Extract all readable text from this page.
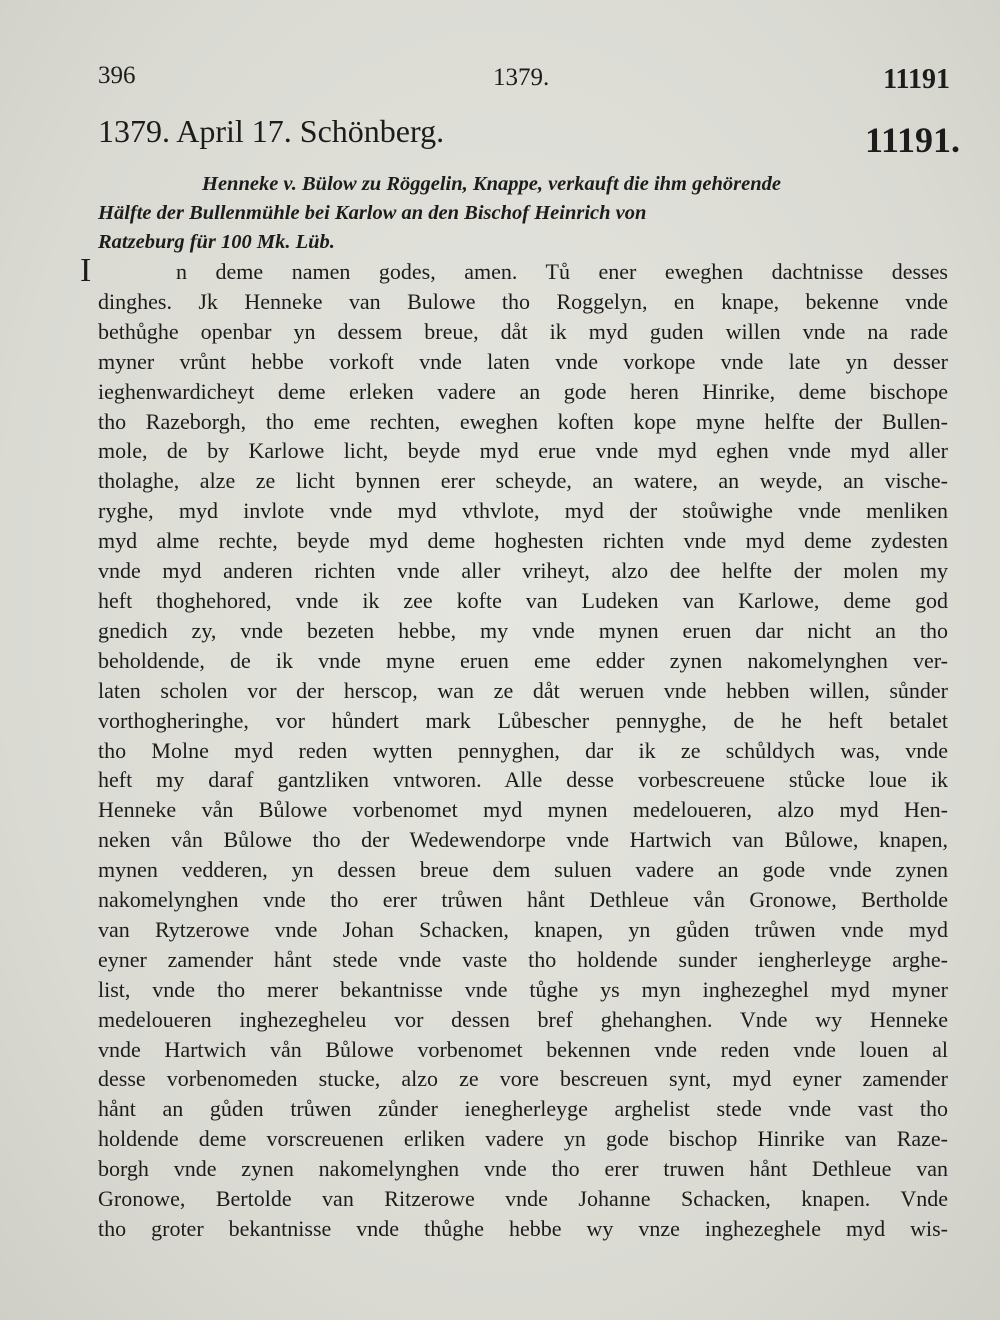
396	1379.	11191
1379. April 17. Schönberg.	11191.
Henneke v. Bülow zu Röggelin, Knappe, verkauft die ihm gehörende
Hälfte der Bullenmühle bei Karlow an den Bischof Heinrich von
Ratzeburg für 100 Mk. Lüb.
I	n deme namen godes, amen. Tů ener eweghen dachtnisse desses
dinghes. Jk Henneke van Bulowe tho Roggelyn, en knape, bekenne vnde
bethůghe openbar yn dessem breue, dåt ik myd guden willen vnde na rade
myner vrůnt hebbe vorkoft vnde laten vnde vorkope vnde late yn desser
ieghenwardicheyt deme erleken vadere an gode heren Hinrike, deme bischope
tho Razeborgh, tho eme rechten, eweghen koften kope myne helfte der Bullen-
mole, de by Karlowe licht, beyde myd erue vnde myd eghen vnde myd aller
tholaghe, alze ze licht bynnen erer scheyde, an watere, an weyde, an vische-
ryghe, myd invlote vnde myd vthvlote, myd der stoůwighe vnde menliken
myd alme rechte, beyde myd deme hoghesten richten vnde myd deme zydesten
vnde myd anderen richten vnde aller vriheyt, alzo dee helfte der molen my
heft thoghehored, vnde ik zee kofte van Ludeken van Karlowe, deme god
gnedich zy, vnde bezeten hebbe, my vnde mynen eruen dar nicht an tho
beholdende, de ik vnde myne eruen eme edder zynen nakomelynghen ver-
laten scholen vor der herscop, wan ze dåt weruen vnde hebben willen, sůnder
vorthogheringhe, vor hůndert mark Lůbescher pennyghe, de he heft betalet
tho Molne myd reden wytten pennyghen, dar ik ze schůldych was, vnde
heft my daraf gantzliken vntworen. Alle desse vorbescreuene stůcke loue ik
Henneke vån Bůlowe vorbenomet myd mynen medeloueren, alzo myd Hen-
neken vån Bůlowe tho der Wedewendorpe vnde Hartwich van Bůlowe, knapen,
mynen vedderen, yn dessen breue dem suluen vadere an gode vnde zynen
nakomelynghen vnde tho erer trůwen hånt Dethleue vån Gronowe, Bertholde
van Rytzerowe vnde Johan Schacken, knapen, yn gůden trůwen vnde myd
eyner zamender hånt stede vnde vaste tho holdende sunder iengherleyge arghe-
list, vnde tho merer bekantnisse vnde tůghe ys myn inghezeghel myd myner
medeloueren inghezegheleu vor dessen bref ghehanghen. Vnde wy Henneke
vnde Hartwich vån Bůlowe vorbenomet bekennen vnde reden vnde louen al
desse vorbenomeden stucke, alzo ze vore bescreuen synt, myd eyner zamender
hånt an gůden trůwen zůnder ienegherleyge arghelist stede vnde vast tho
holdende deme vorscreuenen erliken vadere yn gode bischop Hinrike van Raze-
borgh vnde zynen nakomelynghen vnde tho erer truwen hånt Dethleue van
Gronowe, Bertolde van Ritzerowe vnde Johanne Schacken, knapen. Vnde
tho groter bekantnisse vnde thůghe hebbe wy vnze inghezeghele myd wis-
